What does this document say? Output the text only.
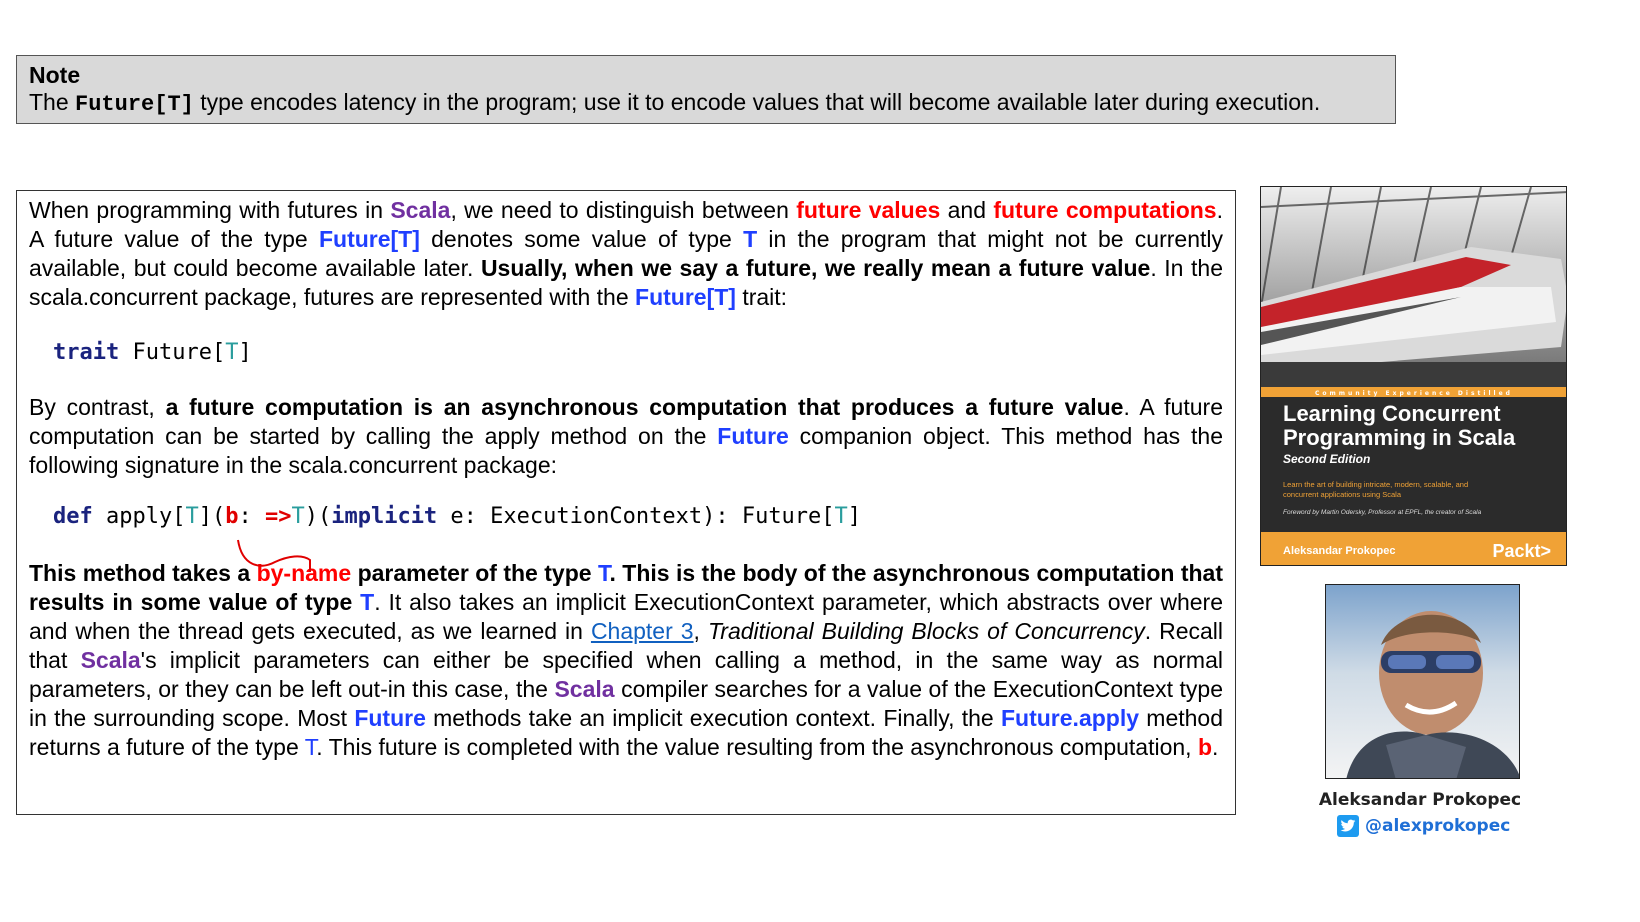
Note
The Future[T] type encodes latency in the program; use it to encode values that will become available later during execution.

When programming with futures in Scala, we need to distinguish between future values and future computations. A future value of the type Future[T] denotes some value of type T in the program that might not be currently available, but could become available later. Usually, when we say a future, we really mean a future value. In the scala.concurrent package, futures are represented with the Future[T] trait:

trait Future[T]

By contrast, a future computation is an asynchronous computation that produces a future value. A future computation can be started by calling the apply method on the Future companion object. This method has the following signature in the scala.concurrent package:

def apply[T](b: =>T)(implicit e: ExecutionContext): Future[T]

This method takes a by-name parameter of the type T. This is the body of the asynchronous computation that results in some value of type T. It also takes an implicit ExecutionContext parameter, which abstracts over where and when the thread gets executed, as we learned in Chapter 3, Traditional Building Blocks of Concurrency. Recall that Scala's implicit parameters can either be specified when calling a method, in the same way as normal parameters, or they can be left out-in this case, the Scala compiler searches for a value of the ExecutionContext type in the surrounding scope. Most Future methods take an implicit execution context. Finally, the Future.apply method returns a future of the type T. This future is completed with the value resulting from the asynchronous computation, b.

Community Experience Distilled
Learning Concurrent
Programming in Scala
Second Edition
Learn the art of building intricate, modern, scalable, and
concurrent applications using Scala
Foreword by Martin Odersky, Professor at EPFL, the creator of Scala
Aleksandar Prokopec	Packt>
Aleksandar Prokopec
@alexprokopec
